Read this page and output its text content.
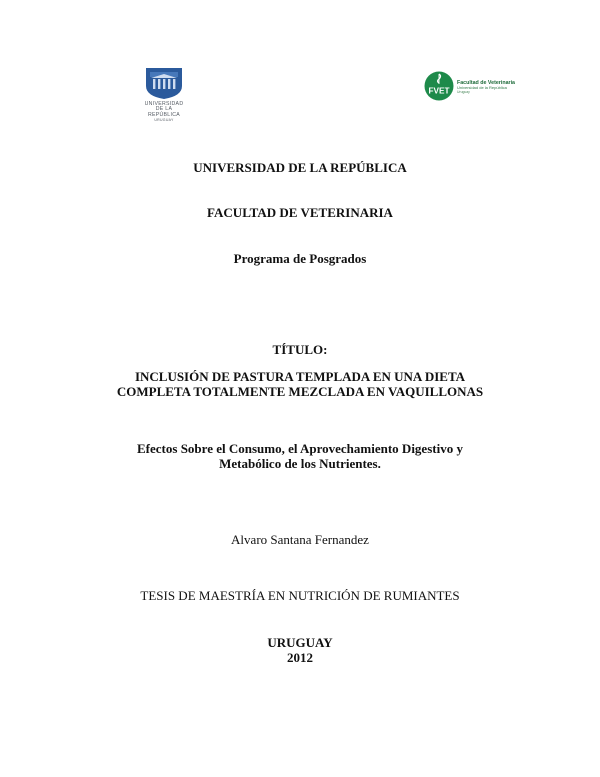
UNIVERSIDAD
DE LA REPÚBLICA
URUGUAY
FVET
Facultad de Veterinaria
Universidad de la República
Uruguay
UNIVERSIDAD DE LA REPÚBLICA
FACULTAD DE VETERINARIA
Programa de Posgrados
TÍTULO:
INCLUSIÓN DE PASTURA TEMPLADA EN UNA DIETA
COMPLETA TOTALMENTE MEZCLADA EN VAQUILLONAS
Efectos Sobre el Consumo, el Aprovechamiento Digestivo y
Metabólico de los Nutrientes.
Alvaro Santana Fernandez
TESIS DE MAESTRÍA EN NUTRICIÓN DE RUMIANTES
URUGUAY
2012
